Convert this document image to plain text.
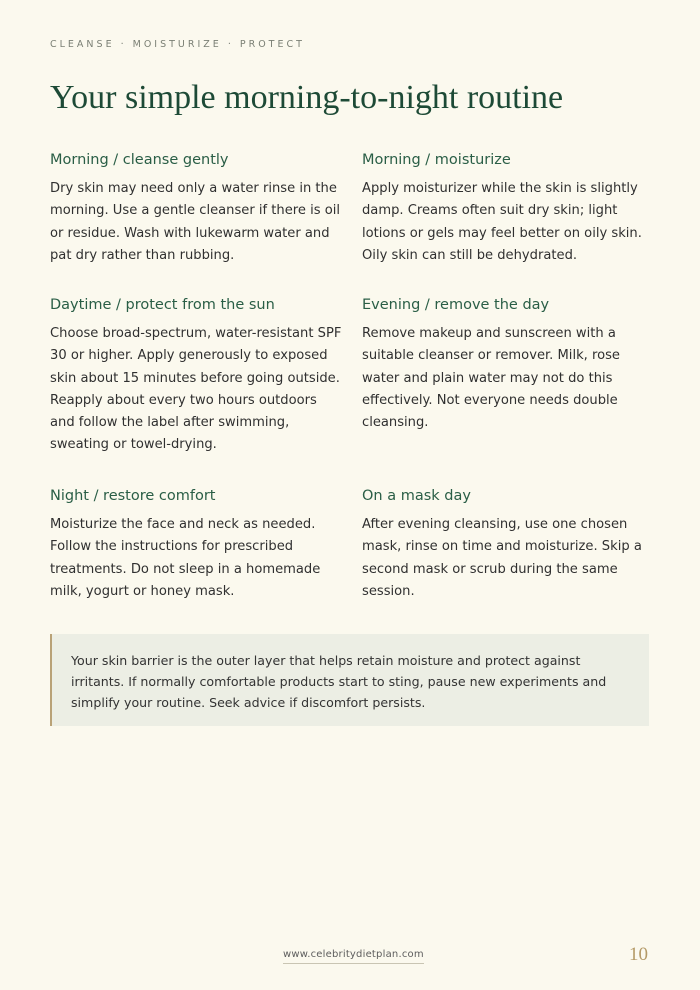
CLEANSE · MOISTURIZE · PROTECT
Your simple morning-to-night routine
Morning / cleanse gently

Dry skin may need only a water rinse in the morning. Use a gentle cleanser if there is oil or residue. Wash with lukewarm water and pat dry rather than rubbing.

Morning / moisturize

Apply moisturizer while the skin is slightly damp. Creams often suit dry skin; light lotions or gels may feel better on oily skin. Oily skin can still be dehydrated.

Daytime / protect from the sun

Choose broad-spectrum, water-resistant SPF 30 or higher. Apply generously to exposed skin about 15 minutes before going outside. Reapply about every two hours outdoors and follow the label after swimming, sweating or towel-drying.

Evening / remove the day

Remove makeup and sunscreen with a suitable cleanser or remover. Milk, rose water and plain water may not do this effectively. Not everyone needs double cleansing.

Night / restore comfort

Moisturize the face and neck as needed. Follow the instructions for prescribed treatments. Do not sleep in a homemade milk, yogurt or honey mask.

On a mask day

After evening cleansing, use one chosen mask, rinse on time and moisturize. Skip a second mask or scrub during the same session.

Your skin barrier is the outer layer that helps retain moisture and protect against irritants. If normally comfortable products start to sting, pause new experiments and simplify your routine. Seek advice if discomfort persists.

www.celebritydietplan.com	10
